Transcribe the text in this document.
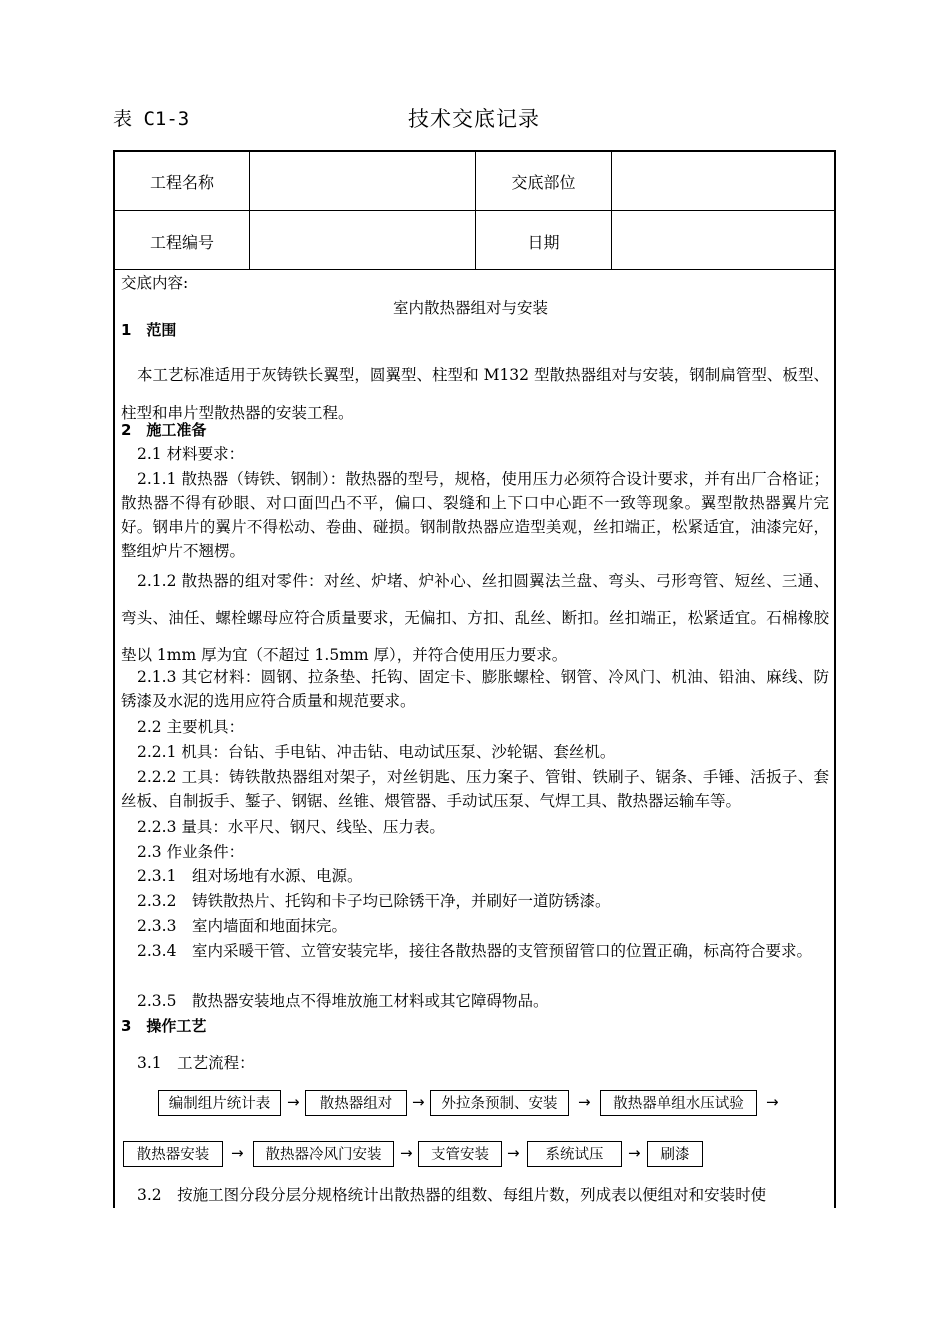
表 C1-3	技术交底记录
工程名称	交底部位
工程编号	日期
交底内容:
室内散热器组对与安装
1　范围
本工艺标准适用于灰铸铁长翼型，圆翼型、柱型和 M132 型散热器组对与安装，钢制扁管型、板型、柱型和串片型散热器的安装工程。
2　施工准备
2.1 材料要求：
2.1.1 散热器（铸铁、钢制）：散热器的型号，规格，使用压力必须符合设计要求，并有出厂合格证；散热器不得有砂眼、对口面凹凸不平，偏口、裂缝和上下口中心距不一致等现象。翼型散热器翼片完好。钢串片的翼片不得松动、卷曲、碰损。钢制散热器应造型美观，丝扣端正，松紧适宜，油漆完好，整组炉片不翘楞。
2.1.2 散热器的组对零件：对丝、炉堵、炉补心、丝扣圆翼法兰盘、弯头、弓形弯管、短丝、三通、弯头、油任、螺栓螺母应符合质量要求，无偏扣、方扣、乱丝、断扣。丝扣端正，松紧适宜。石棉橡胶垫以 1mm 厚为宜（不超过 1.5mm 厚），并符合使用压力要求。
2.1.3 其它材料：圆钢、拉条垫、托钩、固定卡、膨胀螺栓、钢管、冷风门、机油、铅油、麻线、防锈漆及水泥的选用应符合质量和规范要求。
2.2 主要机具：
2.2.1 机具：台钻、手电钻、冲击钻、电动试压泵、沙轮锯、套丝机。
2.2.2 工具：铸铁散热器组对架子，对丝钥匙、压力案子、管钳、铁刷子、锯条、手锤、活扳子、套丝板、自制扳手、錾子、钢锯、丝锥、煨管器、手动试压泵、气焊工具、散热器运输车等。
2.2.3 量具：水平尺、钢尺、线坠、压力表。
2.3 作业条件：
2.3.1　组对场地有水源、电源。
2.3.2　铸铁散热片、托钩和卡子均已除锈干净，并刷好一道防锈漆。
2.3.3　室内墙面和地面抹完。
2.3.4　室内采暖干管、立管安装完毕，接往各散热器的支管预留管口的位置正确，标高符合要求。
2.3.5　散热器安装地点不得堆放施工材料或其它障碍物品。
3　操作工艺
3.1　工艺流程：
编制组片统计表	→	散热器组对	→	外拉条预制、安装	→	散热器单组水压试验	→
散热器安装	→	散热器冷风门安装	→	支管安装	→	系统试压	→	刷漆
3.2　按施工图分段分层分规格统计出散热器的组数、每组片数，列成表以便组对和安装时使
